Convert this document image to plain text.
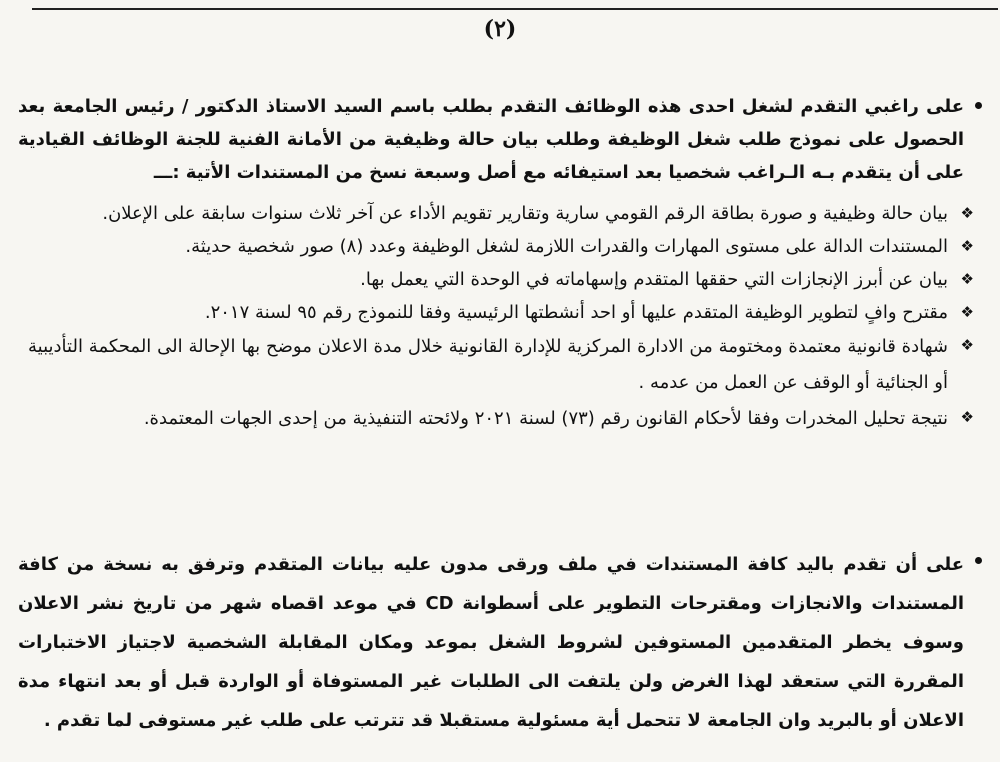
(٢)
على راغبي التقدم لشغل احدى هذه الوظائف التقدم بطلب باسم السيد الاستاذ الدكتور / رئيس الجامعة بعد الحصول على نموذج طلب شغل الوظيفة وطلب بيان حالة وظيفية من الأمانة الفنية للجنة الوظائف القيادية على أن يتقدم بـه الـراغب شخصيا بعد استيفائه مع أصل وسبعة نسخ من المستندات الأتية :ـــ
❖
بيان حالة وظيفية و صورة بطاقة الرقم القومي سارية وتقارير تقويم الأداء عن آخر ثلاث سنوات سابقة على الإعلان.
❖
المستندات الدالة على مستوى المهارات والقدرات اللازمة لشغل الوظيفة وعدد (٨) صور شخصية حديثة.
❖
بيان عن أبرز الإنجازات التي حققها المتقدم وإسهاماته في الوحدة التي يعمل بها.
❖
مقترح وافٍ لتطوير الوظيفة المتقدم عليها أو احد أنشطتها الرئيسية وفقا للنموذج رقم ٩٥ لسنة ٢٠١٧.
❖
شهادة قانونية معتمدة ومختومة من الادارة المركزية للإدارة القانونية خلال مدة الاعلان موضح بها الإحالة الى المحكمة التأديبية أو الجنائية أو الوقف عن العمل من عدمه .
❖
نتيجة تحليل المخدرات وفقا لأحكام القانون رقم (٧٣) لسنة ٢٠٢١ ولائحته التنفيذية من إحدى الجهات المعتمدة.
على أن تقدم باليد كافة المستندات في ملف ورقى مدون عليه بيانات المتقدم وترفق به نسخة من كافة المستندات والانجازات ومقترحات التطوير على أسطوانة CD في موعد اقصاه شهر من تاريخ نشر الاعلان وسوف يخطر المتقدمين المستوفين لشروط الشغل بموعد ومكان المقابلة الشخصية لاجتياز الاختبارات المقررة التي ستعقد لهذا الغرض ولن يلتفت الى الطلبات غير المستوفاة أو الواردة قبل أو بعد انتهاء مدة الاعلان أو بالبريد وان الجامعة لا تتحمل أية مسئولية مستقبلا قد تترتب على طلب غير مستوفى لما تقدم .
